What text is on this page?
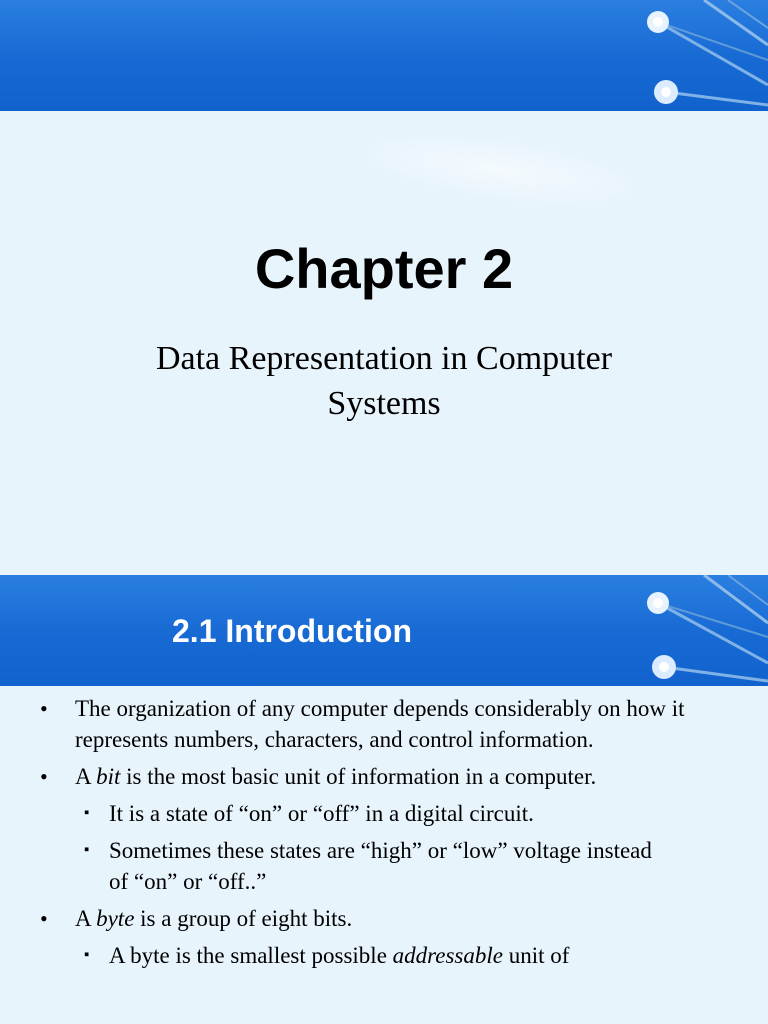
Chapter 2

Data Representation in Computer Systems

2.1 Introduction

• The organization of any computer depends considerably on how it represents numbers, characters, and control information.

• A bit is the most basic unit of information in a computer.

▪ It is a state of “on” or “off” in a digital circuit.

▪ Sometimes these states are “high” or “low” voltage instead of “on” or “off..”

• A byte is a group of eight bits.

▪ A byte is the smallest possible addressable unit of
